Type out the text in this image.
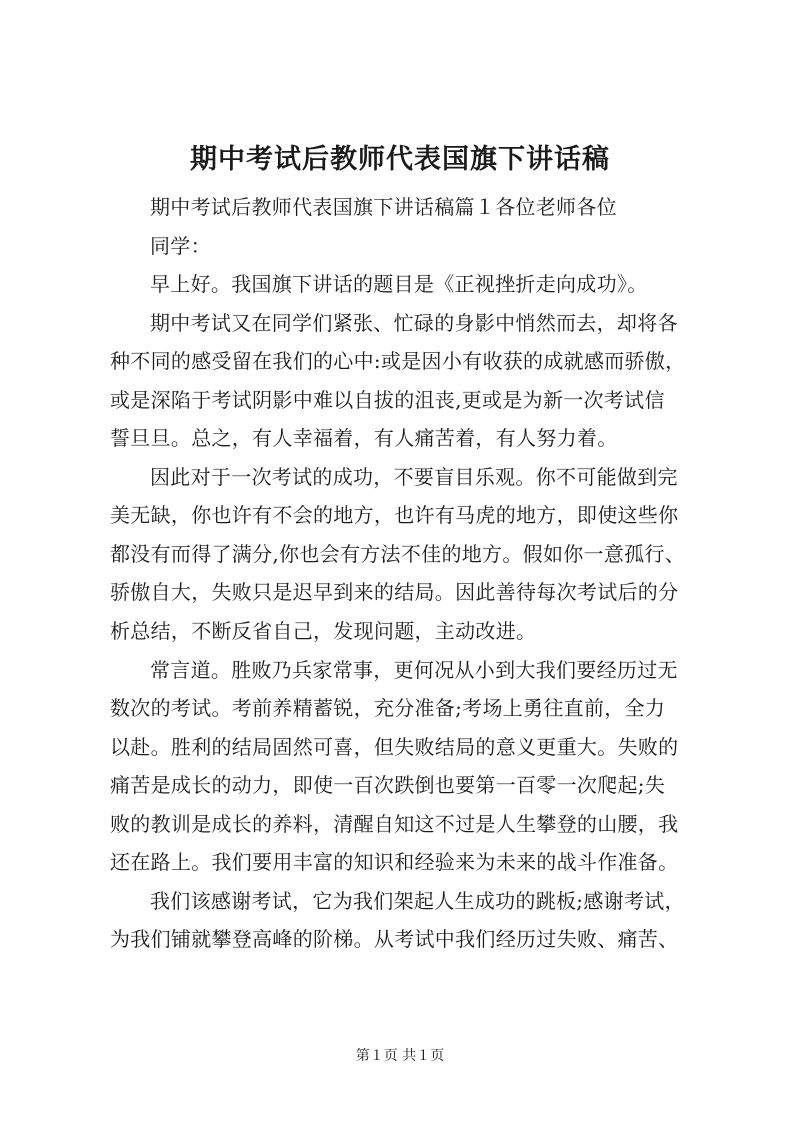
期中考试后教师代表国旗下讲话稿
期中考试后教师代表国旗下讲话稿篇１各位老师各位
同学：
早上好。我国旗下讲话的题目是《正视挫折走向成功》。
期中考试又在同学们紧张、忙碌的身影中悄然而去，却将各
种不同的感受留在我们的心中:或是因小有收获的成就感而骄傲，
或是深陷于考试阴影中难以自拔的沮丧,更或是为新一次考试信
誓旦旦。总之，有人幸福着，有人痛苦着，有人努力着。
因此对于一次考试的成功，不要盲目乐观。你不可能做到完
美无缺，你也许有不会的地方，也许有马虎的地方，即使这些你
都没有而得了满分,你也会有方法不佳的地方。假如你一意孤行、
骄傲自大，失败只是迟早到来的结局。因此善待每次考试后的分
析总结，不断反省自己，发现问题，主动改进。
常言道。胜败乃兵家常事，更何况从小到大我们要经历过无
数次的考试。考前养精蓄锐，充分准备;考场上勇往直前，全力
以赴。胜利的结局固然可喜，但失败结局的意义更重大。失败的
痛苦是成长的动力，即使一百次跌倒也要第一百零一次爬起;失
败的教训是成长的养料，清醒自知这不过是人生攀登的山腰，我
还在路上。我们要用丰富的知识和经验来为未来的战斗作准备。
我们该感谢考试，它为我们架起人生成功的跳板;感谢考试，
为我们铺就攀登高峰的阶梯。从考试中我们经历过失败、痛苦、
第１页 共１页
